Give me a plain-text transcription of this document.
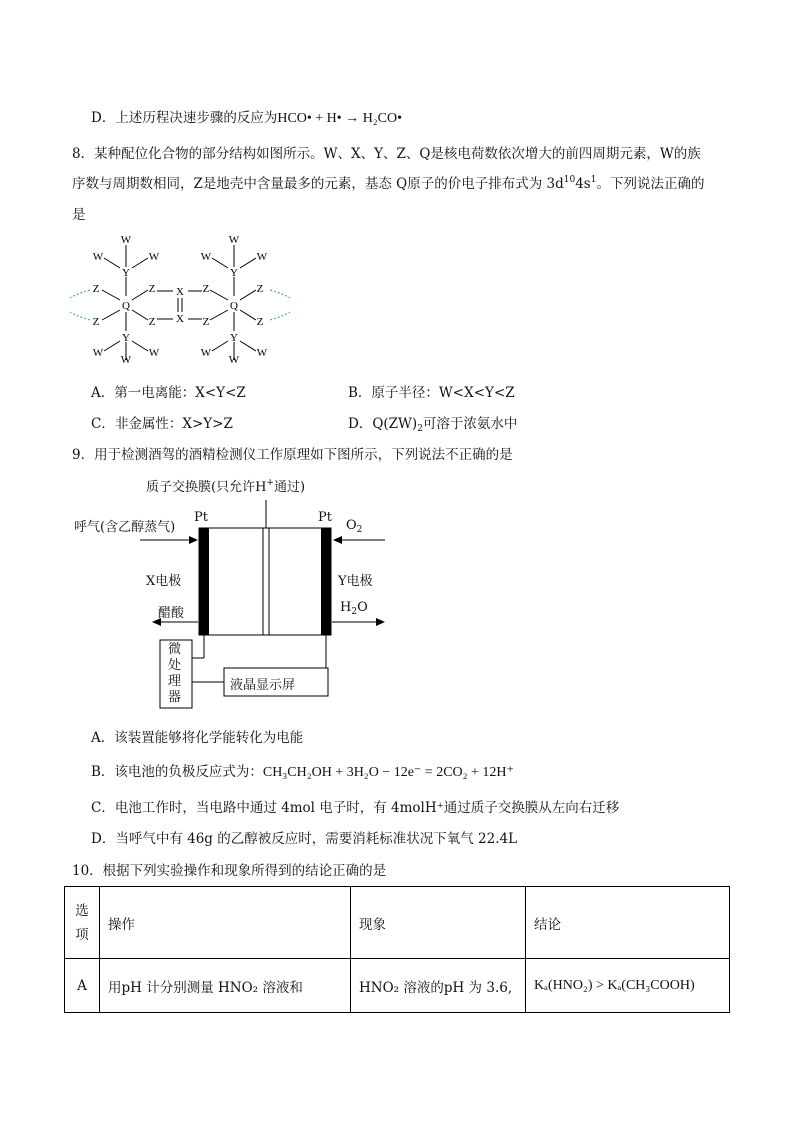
D．上述历程决速步骤的反应为HCO• + H• → H₂CO•
8．某种配位化合物的部分结构如图所示。W、X、Y、Z、Q是核电荷数依次增大的前四周期元素，W的族
序数与周期数相同，Z是地壳中含量最多的元素，基态 Q原子的价电子排布式为 $3d^{10}4s^1$。下列说法正确的
是
W
W	W
Y
Q
Z
Z
Z
Z
Y
W	W
W
X
X
W
W	W
Y
Q
Z
Z
Z
Z
Y
W	W
W
A．第一电离能：X<Y<Z	B．原子半径：W<X<Y<Z
C．非金属性：X>Y>Z	D．$Q(ZW)_2$可溶于浓氨水中
9．用于检测酒驾的酒精检测仪工作原理如下图所示，下列说法不正确的是
质子交换膜(只允许H+通过)
Pt	Pt
呼气(含乙醇蒸气)	$O_2$
X电极	Y电极
醋酸	$H_2O$
微
处
理
器
液晶显示屏
A．该装置能够将化学能转化为电能
B．该电池的负极反应式为：CH₃CH₂OH + 3H₂O − 12e⁻ = 2CO₂ + 12H⁺
C．电池工作时，当电路中通过 4mol 电子时，有 4molH⁺通过质子交换膜从左向右迁移
D．当呼气中有 46g 的乙醇被反应时，需要消耗标准状况下氧气 22.4L
10．根据下列实验操作和现象所得到的结论正确的是
选
项	操作	现象	结论
A	用pH 计分别测量 HNO₂ 溶液和	HNO₂ 溶液的pH 为 3.6,	Kₐ(HNO₂) > Kₐ(CH₃COOH)
